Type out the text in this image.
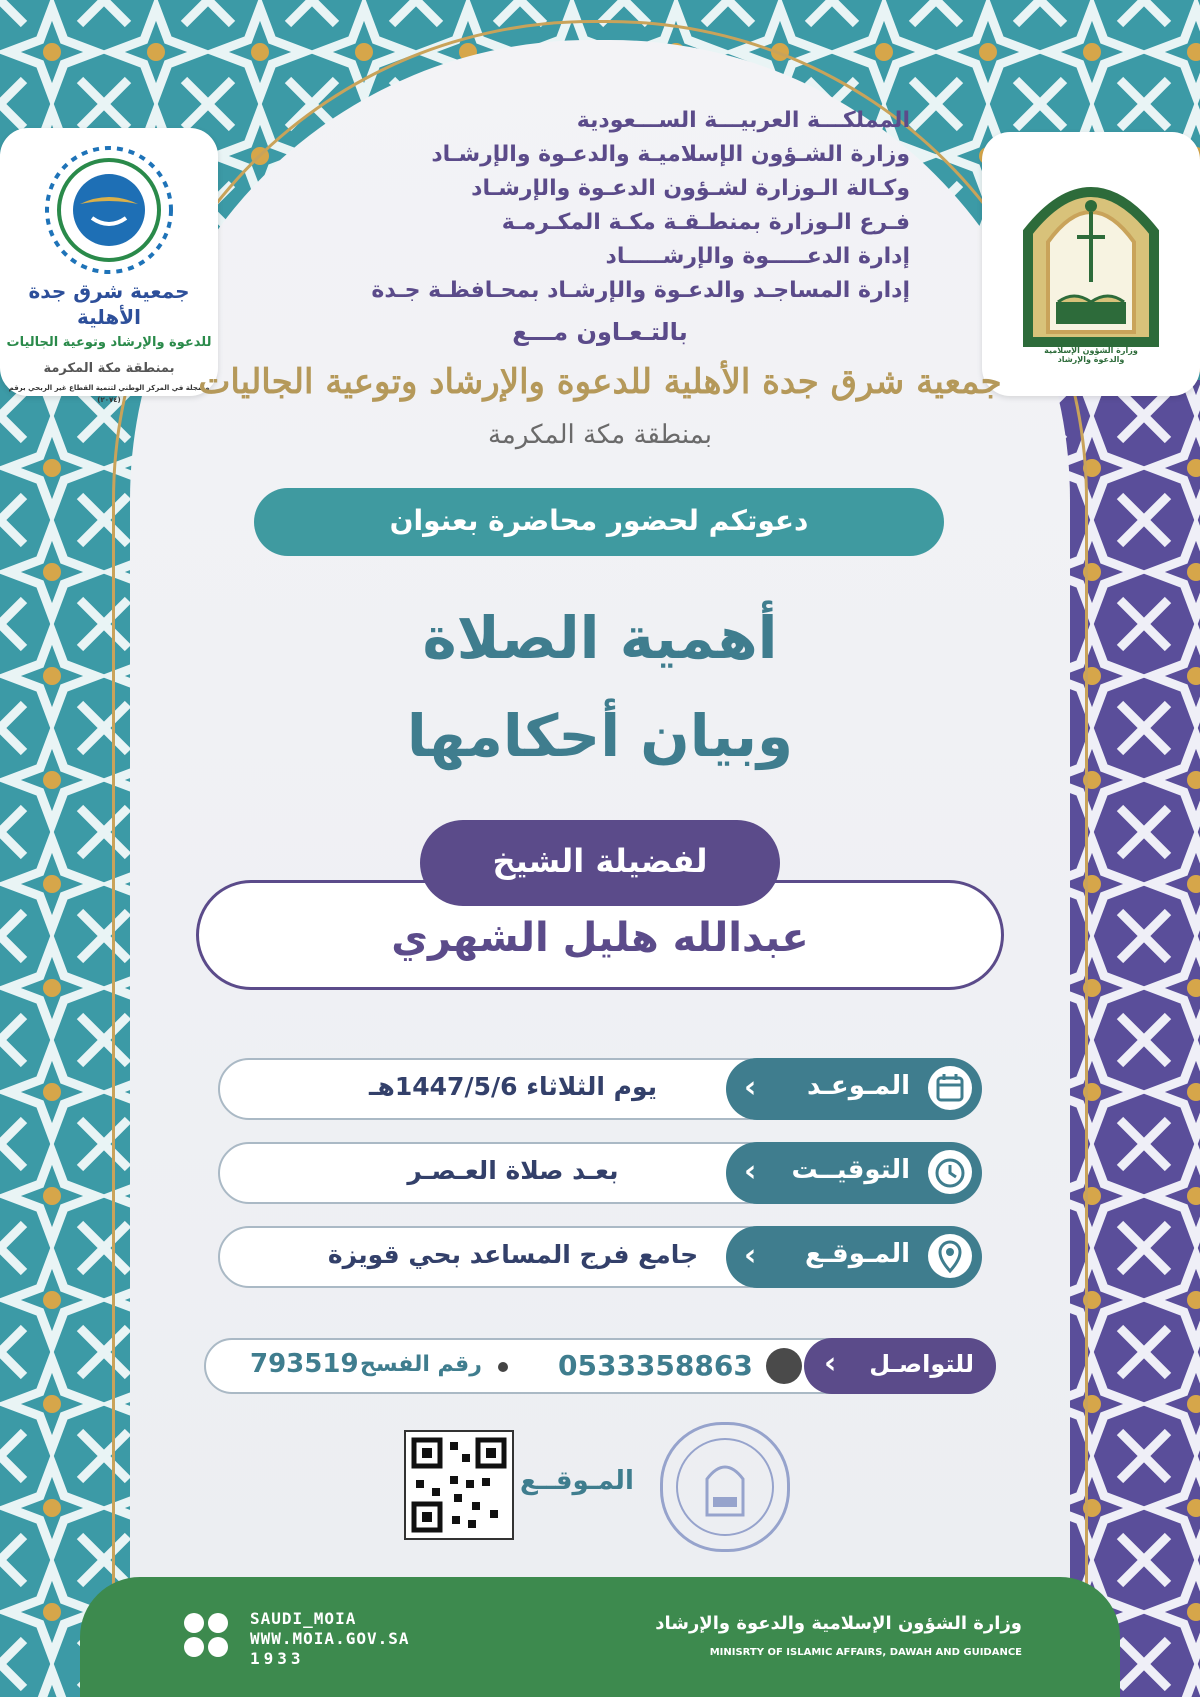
جمعية شرق جدة الأهلية
للدعوة والإرشاد وتوعية الجاليات
بمنطقة مكة المكرمة
مسجلة في المركز الوطني لتنمية القطاع غير الربحي برقم (٢٠٧٤)
وزارة الشؤون الإسلامية والدعوة والإرشاد
المملكـــة العربيـــة الســـعودية
وزارة الشـؤون الإسلاميـة والدعـوة والإرشـاد
وكـالة الـوزارة لشـؤون الدعـوة والإرشـاد
فـرع الـوزارة بمنطـقـة مكـة المكـرمـة
إدارة الدعـــــوة والإرشـــــاد
إدارة المساجـد والدعـوة والإرشـاد بمحـافظـة جـدة
بالتـعـاون مـــع
جمعية شرق جدة الأهلية للدعوة والإرشاد وتوعية الجاليات
بمنطقة مكة المكرمة
دعوتكم لحضور محاضرة بعنوان
أهمية الصلاة
وبيان أحكامها
عبدالله هليل الشهري
لفضيلة الشيخ
يوم الثلاثاء 1447/5/6هـ	المـوعـد
‹
بعـد صلاة العـصـر	التوقيــت
‹
جامع فرج المساعد بحي قويزة	المـوقـع
‹
793519 رقم الفسح	0533358863	للتواصـل
‹
المـوقــع
SAUDI_MOIA
WWW.MOIA.GOV.SA
1933
وزارة الشؤون الإسلامية والدعوة والإرشاد
MINISRTY OF ISLAMIC AFFAIRS, DAWAH AND GUIDANCE
